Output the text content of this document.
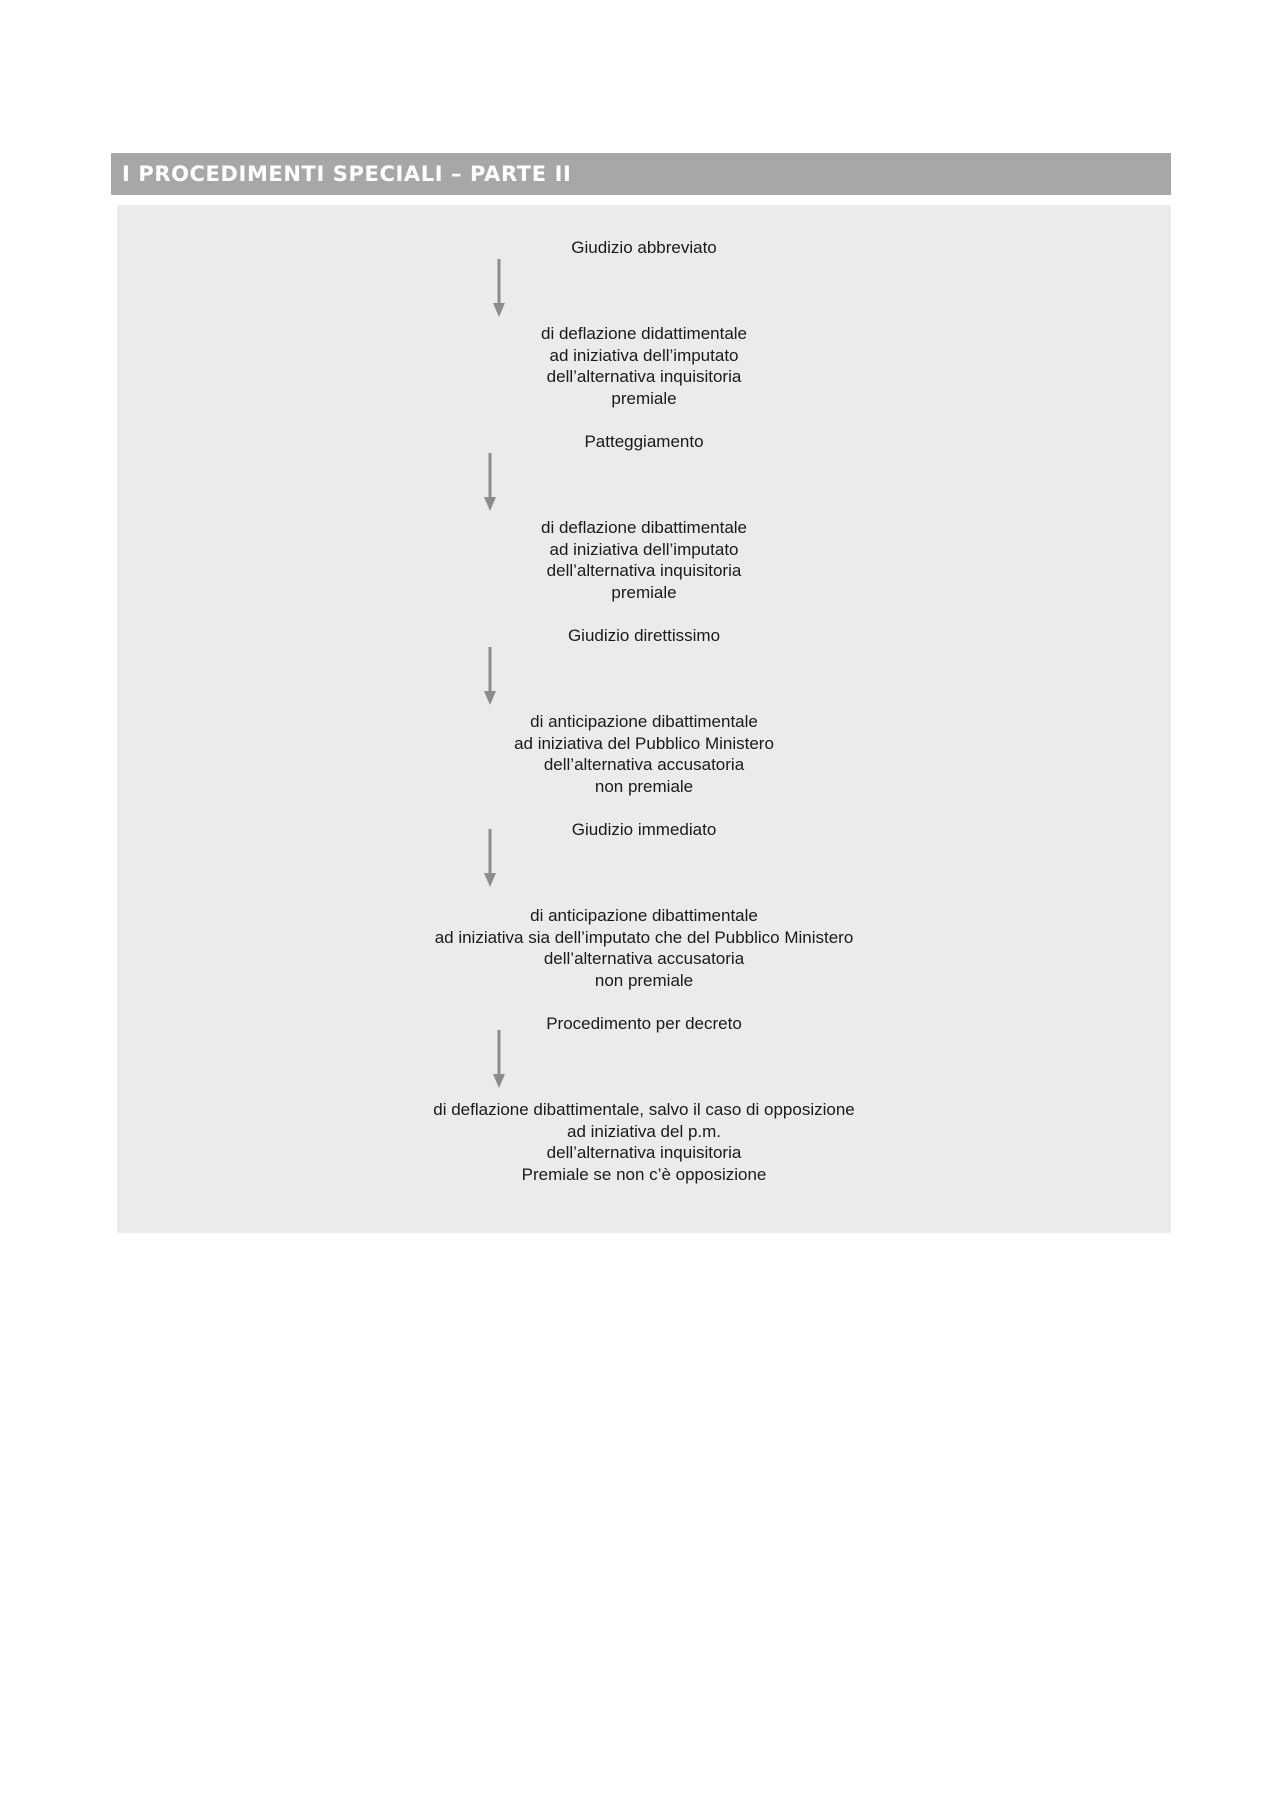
I PROCEDIMENTI SPECIALI – PARTE II
Giudizio abbreviato
di deflazione didattimentale
ad iniziativa dell’imputato
dell’alternativa inquisitoria
premiale
Patteggiamento
di deflazione dibattimentale
ad iniziativa dell’imputato
dell’alternativa inquisitoria
premiale
Giudizio direttissimo
di anticipazione dibattimentale
ad iniziativa del Pubblico Ministero
dell’alternativa accusatoria
non premiale
Giudizio immediato
di anticipazione dibattimentale
ad iniziativa sia dell’imputato che del Pubblico Ministero
dell’alternativa accusatoria
non premiale
Procedimento per decreto
di deflazione dibattimentale, salvo il caso di opposizione
ad iniziativa del p.m.
dell’alternativa inquisitoria
Premiale se non c’è opposizione
